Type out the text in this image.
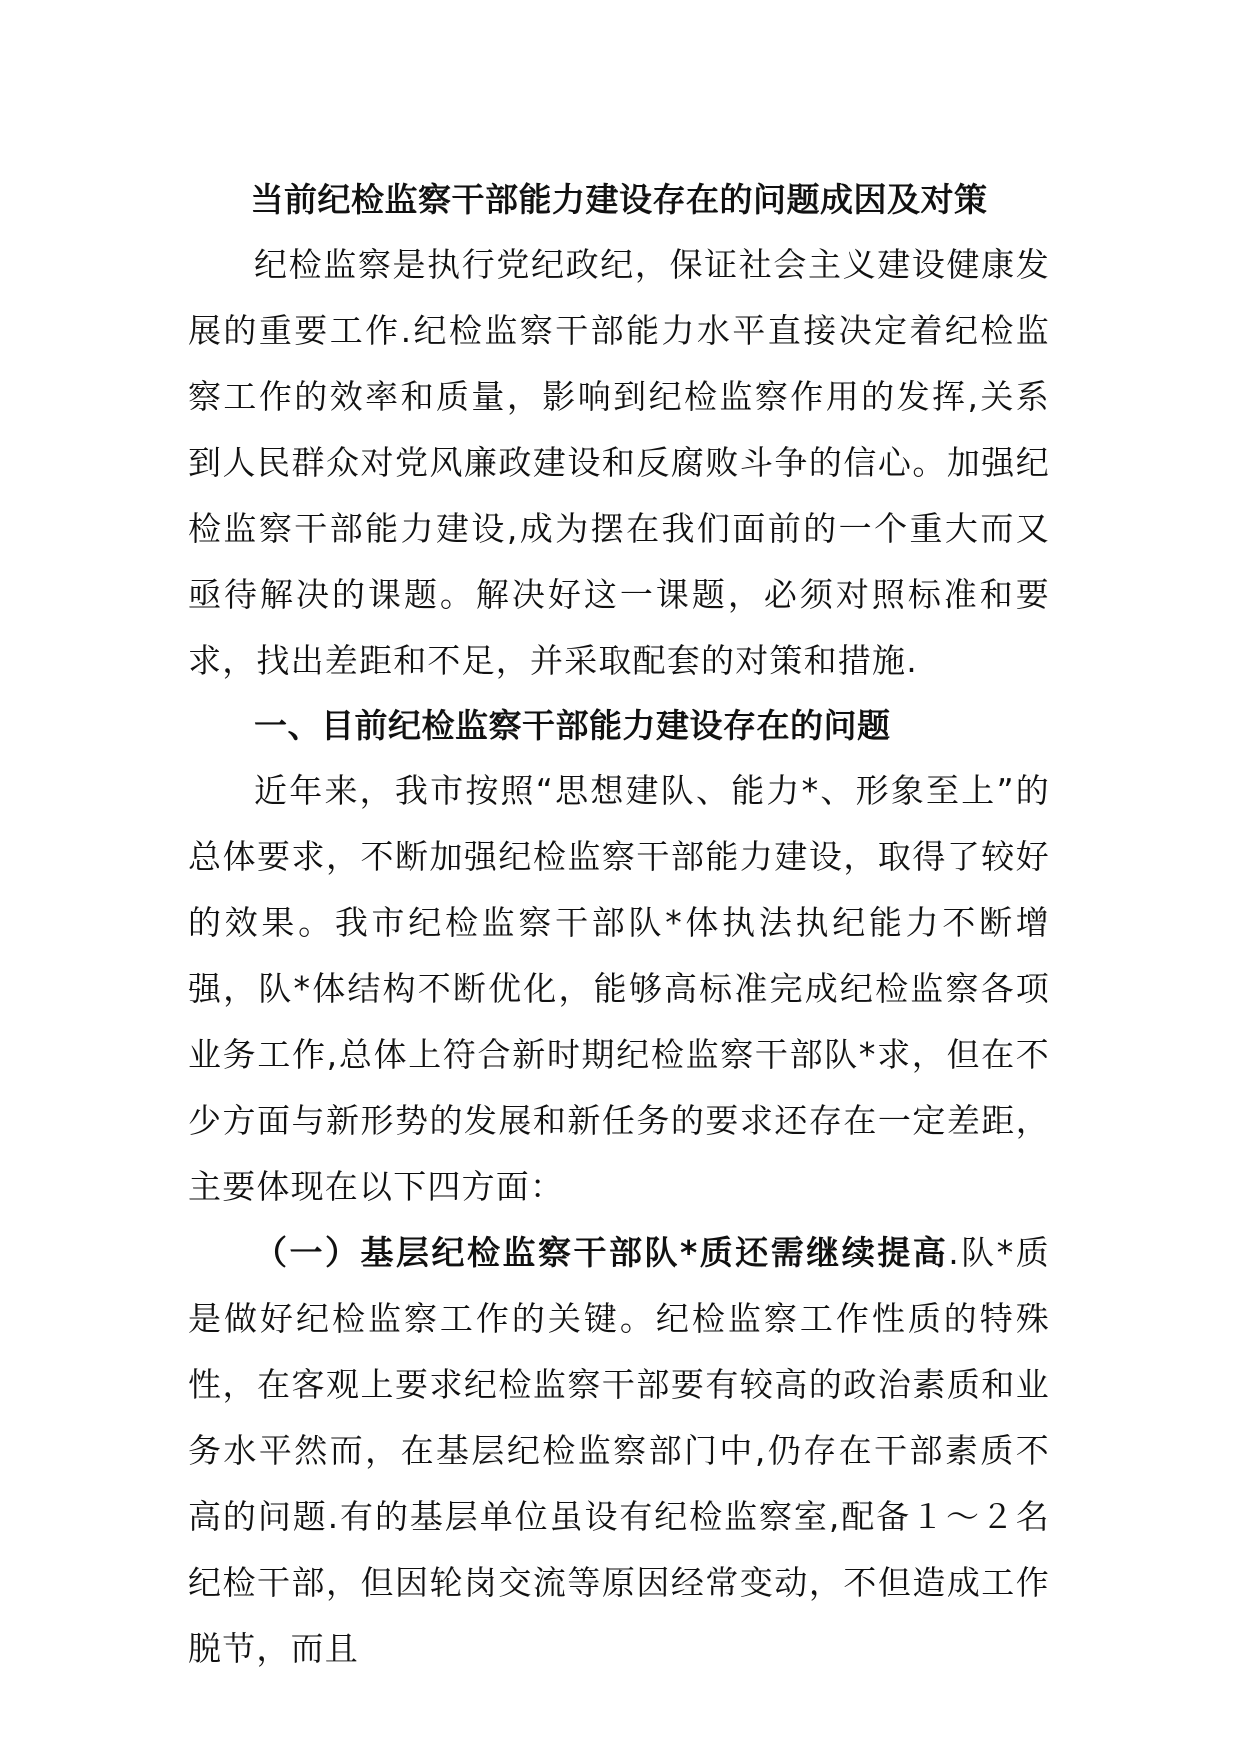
当前纪检监察干部能力建设存在的问题成因及对策

纪检监察是执行党纪政纪，保证社会主义建设健康发展的重要工作.纪检监察干部能力水平直接决定着纪检监察工作的效率和质量，影响到纪检监察作用的发挥,关系到人民群众对党风廉政建设和反腐败斗争的信心。加强纪检监察干部能力建设,成为摆在我们面前的一个重大而又亟待解决的课题。解决好这一课题，必须对照标准和要求，找出差距和不足，并采取配套的对策和措施.

一、目前纪检监察干部能力建设存在的问题

近年来，我市按照“思想建队、能力*、形象至上”的总体要求，不断加强纪检监察干部能力建设，取得了较好的效果。我市纪检监察干部队*体执法执纪能力不断增强，队*体结构不断优化，能够高标准完成纪检监察各项业务工作,总体上符合新时期纪检监察干部队*求，但在不少方面与新形势的发展和新任务的要求还存在一定差距，主要体现在以下四方面：

（一）基层纪检监察干部队*质还需继续提高.队*质是做好纪检监察工作的关键。纪检监察工作性质的特殊性，在客观上要求纪检监察干部要有较高的政治素质和业务水平然而，在基层纪检监察部门中,仍存在干部素质不高的问题.有的基层单位虽设有纪检监察室,配备１～２名纪检干部，但因轮岗交流等原因经常变动，不但造成工作脱节，而且
